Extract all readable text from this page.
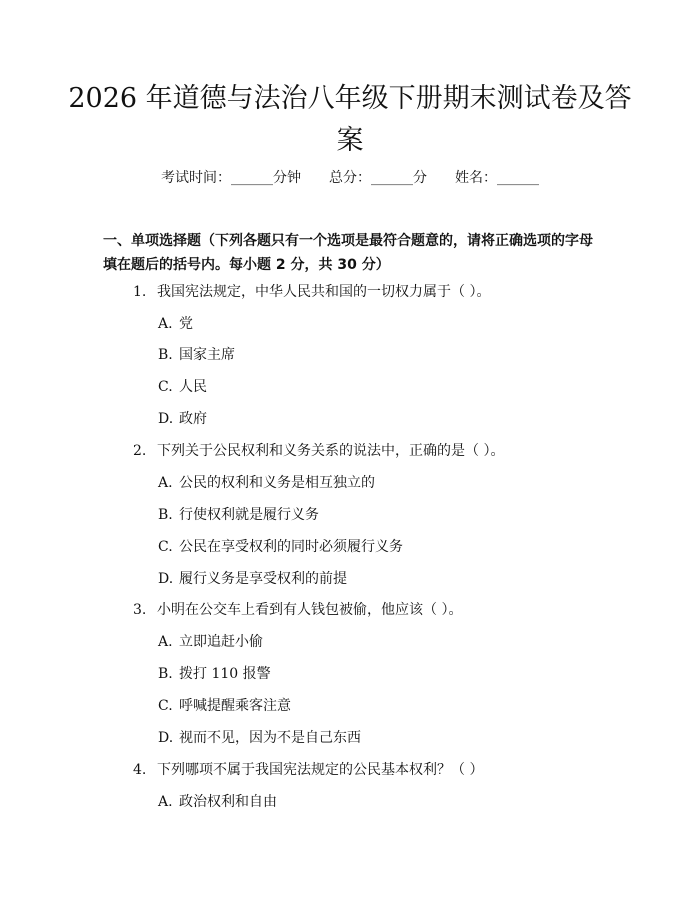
2026 年道德与法治八年级下册期末测试卷及答案
考试时间：______分钟 总分：______分 姓名：______
一、单项选择题（下列各题只有一个选项是最符合题意的，请将正确选项的字母填在题后的括号内。每小题 2 分，共 30 分）
1. 我国宪法规定，中华人民共和国的一切权力属于（ ）。
A. 党
B. 国家主席
C. 人民
D. 政府
2. 下列关于公民权利和义务关系的说法中，正确的是（ ）。
A. 公民的权利和义务是相互独立的
B. 行使权利就是履行义务
C. 公民在享受权利的同时必须履行义务
D. 履行义务是享受权利的前提
3. 小明在公交车上看到有人钱包被偷，他应该（ ）。
A. 立即追赶小偷
B. 拨打 110 报警
C. 呼喊提醒乘客注意
D. 视而不见，因为不是自己东西
4. 下列哪项不属于我国宪法规定的公民基本权利？（ ）
A. 政治权利和自由
